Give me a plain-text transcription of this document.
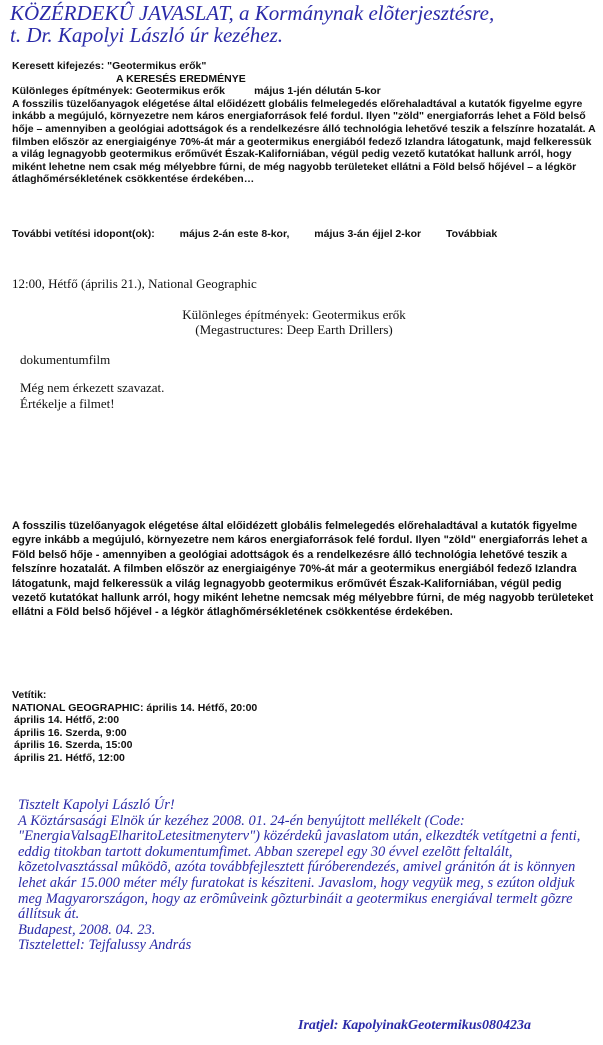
KÖZÉRDEKÛ JAVASLAT, a Kormánynak elõterjesztésre,
t. Dr. Kapolyi László úr kezéhez.
Keresett kifejezés: "Geotermikus erők"
A KERESÉS EREDMÉNYE
Különleges építmények: Geotermikus erők          május 1-jén délután 5-kor
A fosszilis tüzelőanyagok elégetése által előidézett globális felmelegedés előrehaladtával a kutatók figyelme egyre inkább a megújuló, környezetre nem káros energiaforrások felé fordul. Ilyen "zöld" energiaforrás lehet a Föld belső hője – amennyiben a geológiai adottságok és a rendelkezésre álló technológia lehetővé teszik a felszínre hozatalát. A filmben először az energiaigénye 70%-át már a geotermikus energiából fedező Izlandra látogatunk, majd felkeressük a világ legnagyobb geotermikus erőművét Észak-Kaliforniában, végül pedig vezető kutatókat hallunk arról, hogy miként lehetne nem csak még mélyebbre fúrni, de még nagyobb területeket ellátni a Föld belső hőjével – a légkör átlaghőmérsékletének csökkentése érdekében…
További vetítési idopont(ok): május 2-án este 8-kor, május 3-án éjjel 2-kor Továbbiak
12:00, Hétfő (április 21.), National Geographic
Különleges építmények: Geotermikus erők
(Megastructures: Deep Earth Drillers)
dokumentumfilm
Még nem érkezett szavazat.
Értékelje a filmet!
A fosszilis tüzelőanyagok elégetése által előidézett globális felmelegedés előrehaladtával a kutatók figyelme egyre inkább a megújuló, környezetre nem káros energiaforrások felé fordul. Ilyen "zöld" energiaforrás lehet a Föld belső hője - amennyiben a geológiai adottságok és a rendelkezésre álló technológia lehetővé teszik a felszínre hozatalát. A filmben először az energiaigénye 70%-át már a geotermikus energiából fedező Izlandra látogatunk, majd felkeressük a világ legnagyobb geotermikus erőművét Észak-Kaliforniában, végül pedig vezető kutatókat hallunk arról, hogy miként lehetne nemcsak még mélyebbre fúrni, de még nagyobb területeket ellátni a Föld belső hőjével - a légkör átlaghőmérsékletének csökkentése érdekében.
Vetítik:
NATIONAL GEOGRAPHIC: április 14. Hétfő, 20:00
április 14. Hétfő, 2:00
április 16. Szerda, 9:00
április 16. Szerda, 15:00
április 21. Hétfő, 12:00
Tisztelt Kapolyi László Úr!
A Köztársasági Elnök úr kezéhez 2008. 01. 24-én benyújtott mellékelt (Code: "EnergiaValsagElharitoLetesitmenyterv") közérdekû javaslatom után, elkezdték vetítgetni a fenti, eddig titokban tartott dokumentumfimet. Abban szerepel egy 30 évvel ezelõtt feltalált, kõzetolvasztással mûködõ, azóta továbbfejlesztett fúróberendezés, amivel gránitón át is könnyen lehet akár 15.000 méter mély furatokat is késziteni. Javaslom, hogy vegyük meg, s ezúton oldjuk meg Magyarországon, hogy az erõmûveink gõzturbináit a geotermikus energiával termelt gõzre állítsuk át.
Budapest, 2008. 04. 23.
Tisztelettel: Tejfalussy András
Iratjel: KapolyinakGeotermikus080423a
